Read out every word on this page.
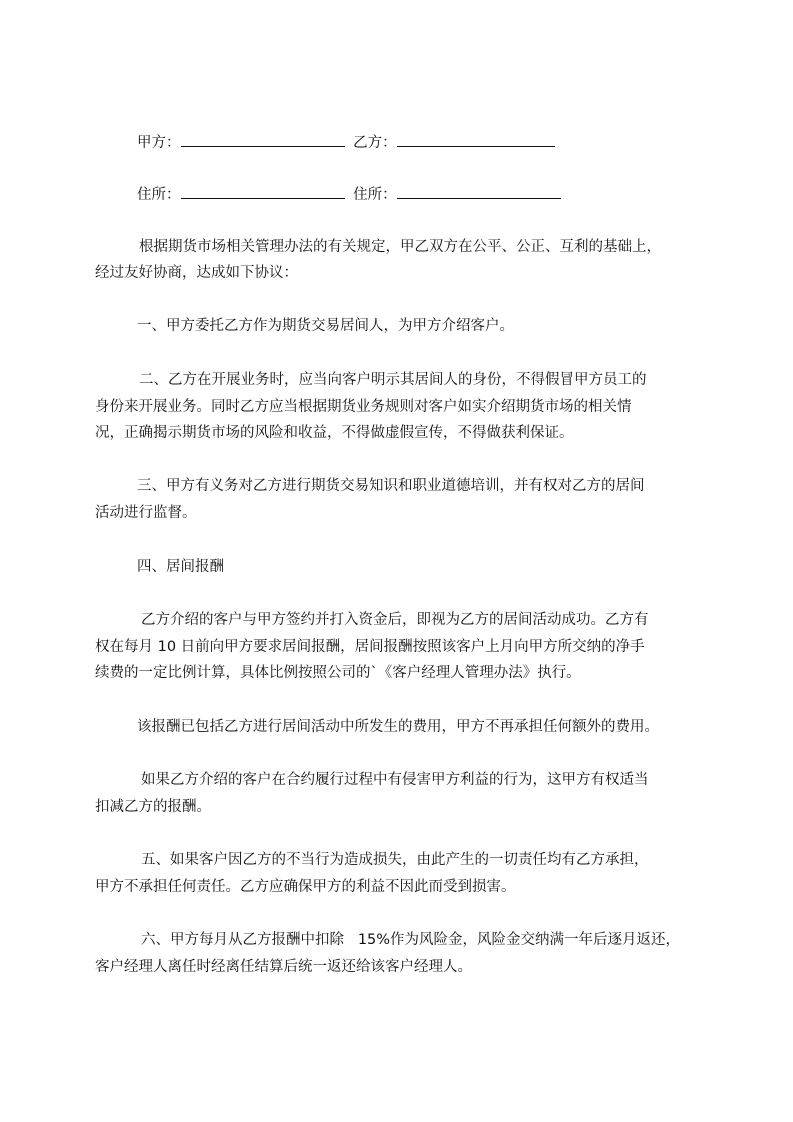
甲方：	乙方：
住所：	住所：
根据期货市场相关管理办法的有关规定，甲乙双方在公平、公正、互利的基础上，
经过友好协商，达成如下协议：
一、甲方委托乙方作为期货交易居间人，为甲方介绍客户。
二、乙方在开展业务时，应当向客户明示其居间人的身份，不得假冒甲方员工的
身份来开展业务。同时乙方应当根据期货业务规则对客户如实介绍期货市场的相关情
况，正确揭示期货市场的风险和收益，不得做虚假宣传，不得做获利保证。
三、甲方有义务对乙方进行期货交易知识和职业道德培训，并有权对乙方的居间
活动进行监督。
四、居间报酬
乙方介绍的客户与甲方签约并打入资金后，即视为乙方的居间活动成功。乙方有
权在每月 10 日前向甲方要求居间报酬，居间报酬按照该客户上月向甲方所交纳的净手
续费的一定比例计算，具体比例按照公司的`《客户经理人管理办法》执行。
该报酬已包括乙方进行居间活动中所发生的费用，甲方不再承担任何额外的费用。
如果乙方介绍的客户在合约履行过程中有侵害甲方利益的行为，这甲方有权适当
扣减乙方的报酬。
五、如果客户因乙方的不当行为造成损失，由此产生的一切责任均有乙方承担，
甲方不承担任何责任。乙方应确保甲方的利益不因此而受到损害。
六、甲方每月从乙方报酬中扣除   15%作为风险金，风险金交纳满一年后逐月返还，
客户经理人离任时经离任结算后统一返还给该客户经理人。
